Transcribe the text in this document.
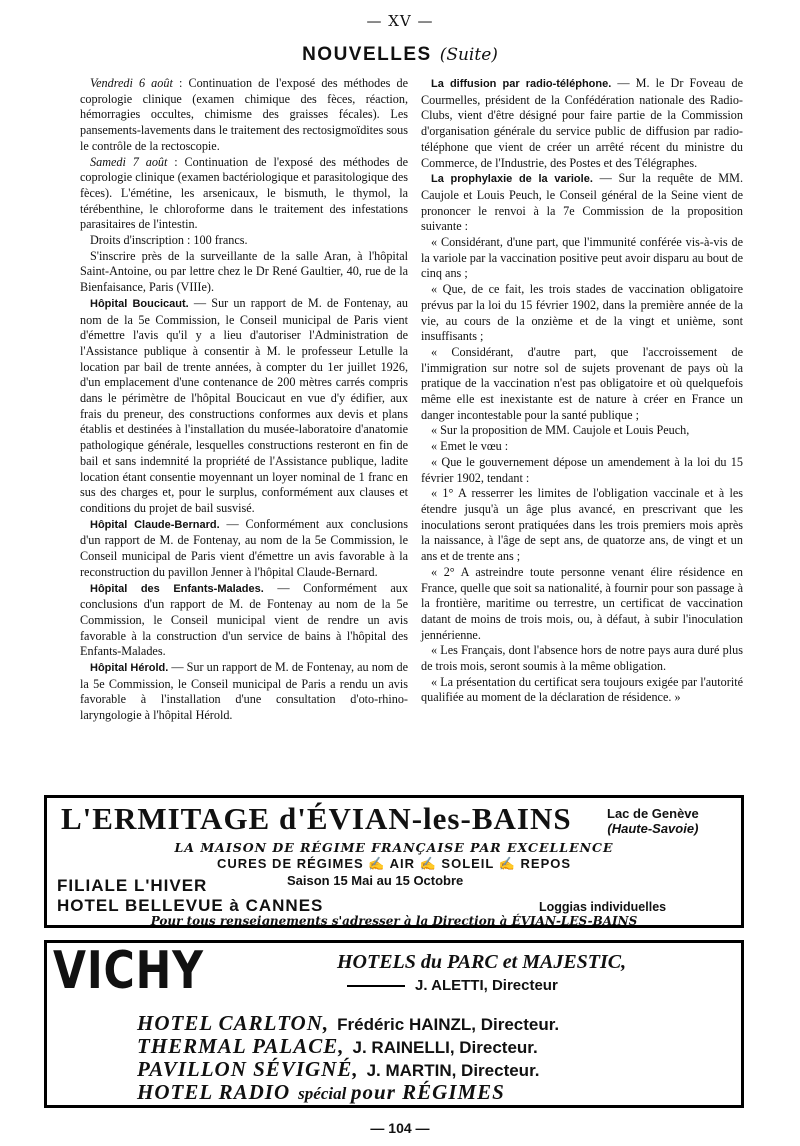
— XV —
NOUVELLES (Suite)

Vendredi 6 août : Continuation de l'exposé des méthodes de coprologie clinique (examen chimique des fèces, réaction, hémorragies occultes, chimisme des graisses fécales). Les pansements-lavements dans le traitement des rectosigmoïdites sous le contrôle de la rectoscopie.

Samedi 7 août : Continuation de l'exposé des méthodes de coprologie clinique (examen bactériologique et parasitologique des fèces). L'émétine, les arsenicaux, le bismuth, le thymol, la térébenthine, le chloroforme dans le traitement des infestations parasitaires de l'intestin.

Droits d'inscription : 100 francs.

S'inscrire près de la surveillante de la salle Aran, à l'hôpital Saint-Antoine, ou par lettre chez le Dr René Gaultier, 40, rue de la Bienfaisance, Paris (VIIIe).

Hôpital Boucicaut. — Sur un rapport de M. de Fontenay, au nom de la 5e Commission, le Conseil municipal de Paris vient d'émettre l'avis qu'il y a lieu d'autoriser l'Administration de l'Assistance publique à consentir à M. le professeur Letulle la location par bail de trente années, à compter du 1er juillet 1926, d'un emplacement d'une contenance de 200 mètres carrés compris dans le périmètre de l'hôpital Boucicaut en vue d'y édifier, aux frais du preneur, des constructions conformes aux devis et plans établis et destinées à l'installation du musée-laboratoire d'anatomie pathologique générale, lesquelles constructions resteront en fin de bail et sans indemnité la propriété de l'Assistance publique, ladite location étant consentie moyennant un loyer nominal de 1 franc en sus des charges et, pour le surplus, conformément aux clauses et conditions du projet de bail susvisé.

Hôpital Claude-Bernard. — Conformément aux conclusions d'un rapport de M. de Fontenay, au nom de la 5e Commission, le Conseil municipal de Paris vient d'émettre un avis favorable à la reconstruction du pavillon Jenner à l'hôpital Claude-Bernard.

Hôpital des Enfants-Malades. — Conformément aux conclusions d'un rapport de M. de Fontenay au nom de la 5e Commission, le Conseil municipal vient de rendre un avis favorable à la construction d'un service de bains à l'hôpital des Enfants-Malades.

Hôpital Hérold. — Sur un rapport de M. de Fontenay, au nom de la 5e Commission, le Conseil municipal de Paris a rendu un avis favorable à l'installation d'une consultation d'oto-rhino-laryngologie à l'hôpital Hérold.

La diffusion par radio-téléphone. — M. le Dr Foveau de Courmelles, président de la Confédération nationale des Radio-Clubs, vient d'être désigné pour faire partie de la Commission d'organisation générale du service public de diffusion par radio-téléphone que vient de créer un arrêté récent du ministre du Commerce, de l'Industrie, des Postes et des Télégraphes.

La prophylaxie de la variole. — Sur la requête de MM. Caujole et Louis Peuch, le Conseil général de la Seine vient de prononcer le renvoi à la 7e Commission de la proposition suivante :

« Considérant, d'une part, que l'immunité conférée vis-à-vis de la variole par la vaccination positive peut avoir disparu au bout de cinq ans ;

« Que, de ce fait, les trois stades de vaccination obligatoire prévus par la loi du 15 février 1902, dans la première année de la vie, au cours de la onzième et de la vingt et unième, sont insuffisants ;

« Considérant, d'autre part, que l'accroissement de l'immigration sur notre sol de sujets provenant de pays où la pratique de la vaccination n'est pas obligatoire et où quelquefois même elle est inexistante est de nature à créer en France un danger incontestable pour la santé publique ;

« Sur la proposition de MM. Caujole et Louis Peuch,

« Emet le vœu :

« Que le gouvernement dépose un amendement à la loi du 15 février 1902, tendant :

« 1° A resserrer les limites de l'obligation vaccinale et à les étendre jusqu'à un âge plus avancé, en prescrivant que les inoculations seront pratiquées dans les trois premiers mois après la naissance, à l'âge de sept ans, de quatorze ans, de vingt et un ans et de trente ans ;

« 2° A astreindre toute personne venant élire résidence en France, quelle que soit sa nationalité, à fournir pour son passage à la frontière, maritime ou terrestre, un certificat de vaccination datant de moins de trois mois, ou, à défaut, à subir l'inoculation jennérienne.

« Les Français, dont l'absence hors de notre pays aura duré plus de trois mois, seront soumis à la même obligation.

« La présentation du certificat sera toujours exigée par l'autorité qualifiée au moment de la déclaration de résidence. »

L'ERMITAGE d'ÉVIAN-les-BAINS	Lac de Genève
(Haute-Savoie)
LA MAISON DE RÉGIME FRANÇAISE PAR EXCELLENCE
CURES DE RÉGIMES ✍ AIR ✍ SOLEIL ✍ REPOS
FILIALE L'HIVER	Saison 15 Mai au 15 Octobre
HOTEL BELLEVUE à CANNES	Loggias individuelles
Pour tous renseignements s'adresser à la Direction à ÉVIAN-LES-BAINS
VICHY	HOTELS du PARC et MAJESTIC,
J. ALETTI, Directeur
HOTEL CARLTON, Frédéric HAINZL, Directeur.
THERMAL PALACE, J. RAINELLI, Directeur.
PAVILLON SÉVIGNÉ, J. MARTIN, Directeur.
HOTEL RADIO spécial pour RÉGIMES
— 104 —
